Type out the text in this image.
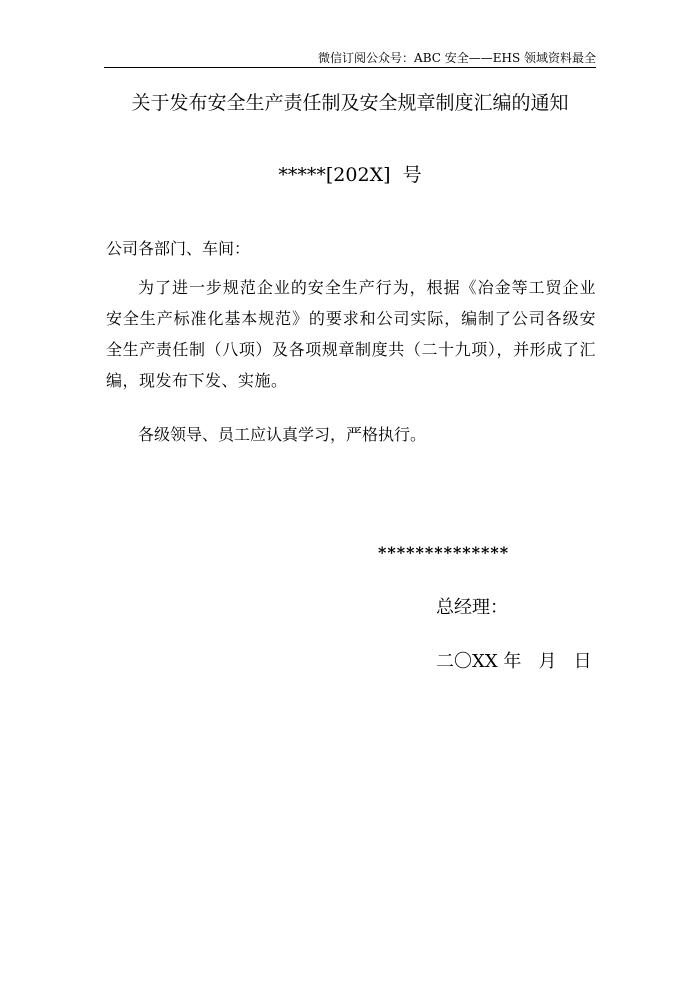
微信订阅公众号：ABC 安全——EHS 领域资料最全
关于发布安全生产责任制及安全规章制度汇编的通知
*****[202X]  号
公司各部门、车间：
为了进一步规范企业的安全生产行为，根据《冶金等工贸企业安全生产标准化基本规范》的要求和公司实际，编制了公司各级安全生产责任制（八项）及各项规章制度共（二十九项），并形成了汇编，现发布下发、实施。
各级领导、员工应认真学习，严格执行。
**************
总经理：
二〇XX 年   月   日
